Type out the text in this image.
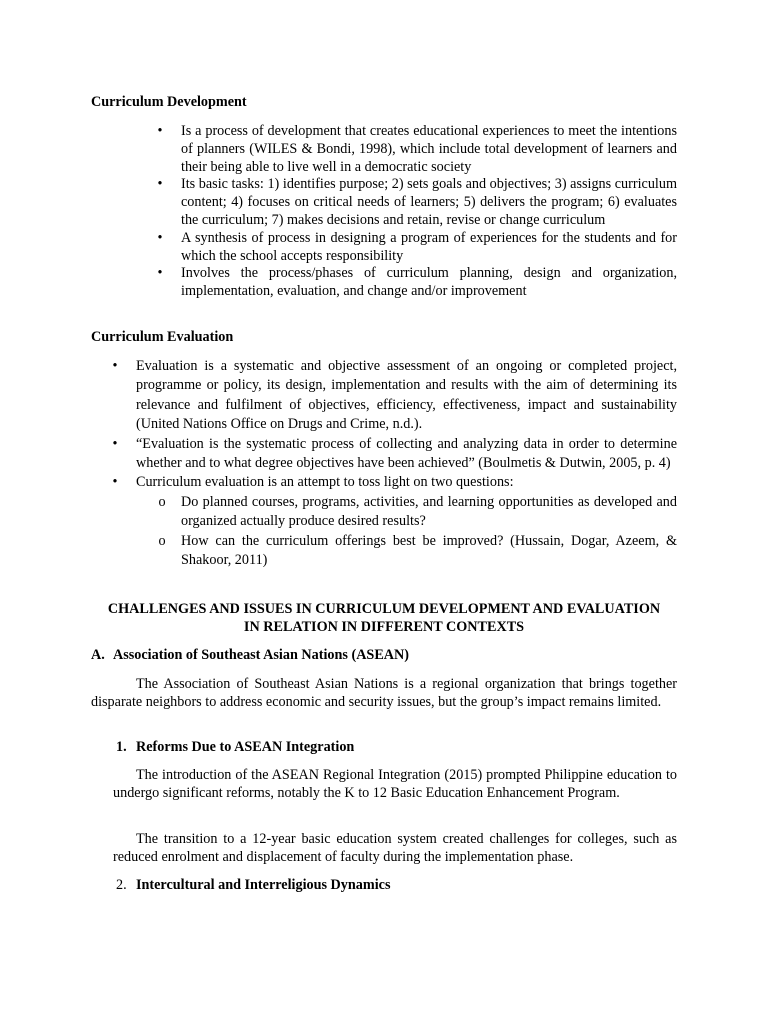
Curriculum Development
• Is a process of development that creates educational experiences to meet the intentions of planners (WILES & Bondi, 1998), which include total development of learners and their being able to live well in a democratic society
• Its basic tasks: 1) identifies purpose; 2) sets goals and objectives; 3) assigns curriculum content; 4) focuses on critical needs of learners; 5) delivers the program; 6) evaluates the curriculum; 7) makes decisions and retain, revise or change curriculum
• A synthesis of process in designing a program of experiences for the students and for which the school accepts responsibility
• Involves the process/phases of curriculum planning, design and organization, implementation, evaluation, and change and/or improvement
Curriculum Evaluation
• Evaluation is a systematic and objective assessment of an ongoing or completed project, programme or policy, its design, implementation and results with the aim of determining its relevance and fulfilment of objectives, efficiency, effectiveness, impact and sustainability (United Nations Office on Drugs and Crime, n.d.).
• “Evaluation is the systematic process of collecting and analyzing data in order to determine whether and to what degree objectives have been achieved” (Boulmetis & Dutwin, 2005, p. 4)
• Curriculum evaluation is an attempt to toss light on two questions:
o Do planned courses, programs, activities, and learning opportunities as developed and organized actually produce desired results?
o How can the curriculum offerings best be improved? (Hussain, Dogar, Azeem, & Shakoor, 2011)
CHALLENGES AND ISSUES IN CURRICULUM DEVELOPMENT AND EVALUATION
IN RELATION IN DIFFERENT CONTEXTS
A. Association of Southeast Asian Nations (ASEAN)
The Association of Southeast Asian Nations is a regional organization that brings together disparate neighbors to address economic and security issues, but the group’s impact remains limited.
1. Reforms Due to ASEAN Integration
The introduction of the ASEAN Regional Integration (2015) prompted Philippine education to undergo significant reforms, notably the K to 12 Basic Education Enhancement Program.
The transition to a 12-year basic education system created challenges for colleges, such as reduced enrolment and displacement of faculty during the implementation phase.
2. Intercultural and Interreligious Dynamics
